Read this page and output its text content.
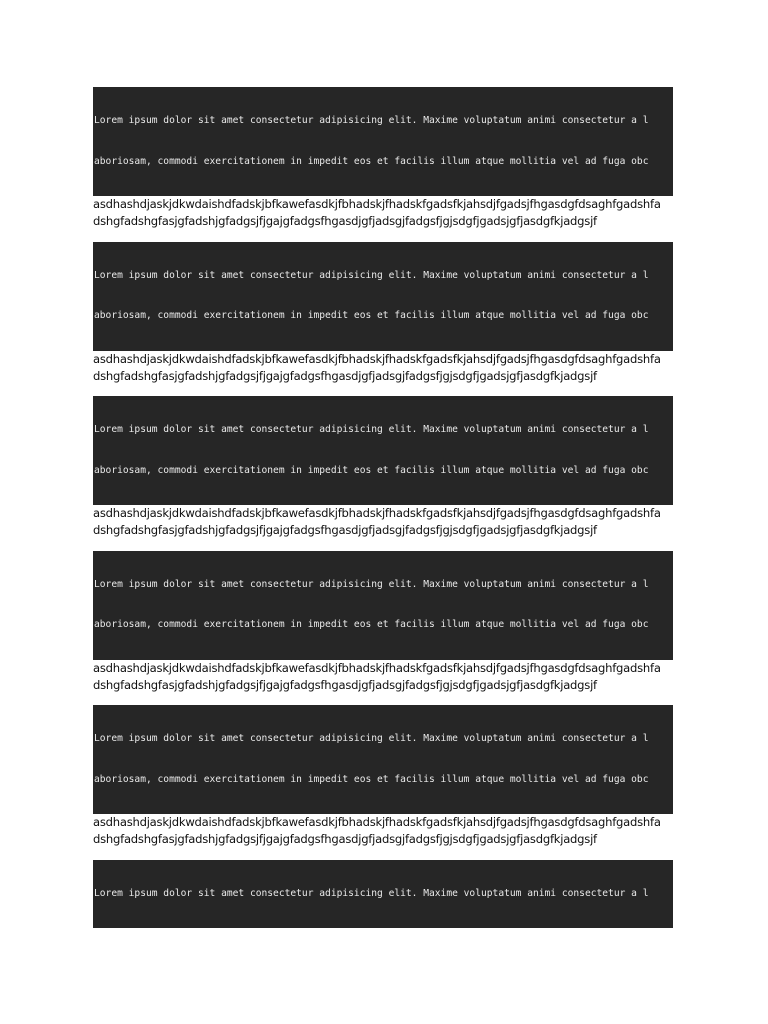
Lorem ipsum dolor sit amet consectetur adipisicing elit. Maxime voluptatum animi consectetur a l

aboriosam, commodi exercitationem in impedit eos et facilis illum atque mollitia vel ad fuga obc

asdhashdjaskjdkwdaishdfadskjbfkawefasdkjfbhadskjfhadskfgadsfkjahsdjfgadsjfhgasdgfdsaghfgadshfa
dshgfadshgfasjgfadshjgfadgsjfjgajgfadgsfhgasdjgfjadsgjfadgsfjgjsdgfjgadsjgfjasdgfkjadgsjf

Lorem ipsum dolor sit amet consectetur adipisicing elit. Maxime voluptatum animi consectetur a l

aboriosam, commodi exercitationem in impedit eos et facilis illum atque mollitia vel ad fuga obc

asdhashdjaskjdkwdaishdfadskjbfkawefasdkjfbhadskjfhadskfgadsfkjahsdjfgadsjfhgasdgfdsaghfgadshfa
dshgfadshgfasjgfadshjgfadgsjfjgajgfadgsfhgasdjgfjadsgjfadgsfjgjsdgfjgadsjgfjasdgfkjadgsjf

Lorem ipsum dolor sit amet consectetur adipisicing elit. Maxime voluptatum animi consectetur a l

aboriosam, commodi exercitationem in impedit eos et facilis illum atque mollitia vel ad fuga obc

asdhashdjaskjdkwdaishdfadskjbfkawefasdkjfbhadskjfhadskfgadsfkjahsdjfgadsjfhgasdgfdsaghfgadshfa
dshgfadshgfasjgfadshjgfadgsjfjgajgfadgsfhgasdjgfjadsgjfadgsfjgjsdgfjgadsjgfjasdgfkjadgsjf

Lorem ipsum dolor sit amet consectetur adipisicing elit. Maxime voluptatum animi consectetur a l

aboriosam, commodi exercitationem in impedit eos et facilis illum atque mollitia vel ad fuga obc

asdhashdjaskjdkwdaishdfadskjbfkawefasdkjfbhadskjfhadskfgadsfkjahsdjfgadsjfhgasdgfdsaghfgadshfa
dshgfadshgfasjgfadshjgfadgsjfjgajgfadgsfhgasdjgfjadsgjfadgsfjgjsdgfjgadsjgfjasdgfkjadgsjf

Lorem ipsum dolor sit amet consectetur adipisicing elit. Maxime voluptatum animi consectetur a l

aboriosam, commodi exercitationem in impedit eos et facilis illum atque mollitia vel ad fuga obc

asdhashdjaskjdkwdaishdfadskjbfkawefasdkjfbhadskjfhadskfgadsfkjahsdjfgadsjfhgasdgfdsaghfgadshfa
dshgfadshgfasjgfadshjgfadgsjfjgajgfadgsfhgasdjgfjadsgjfadgsfjgjsdgfjgadsjgfjasdgfkjadgsjf

Lorem ipsum dolor sit amet consectetur adipisicing elit. Maxime voluptatum animi consectetur a l
